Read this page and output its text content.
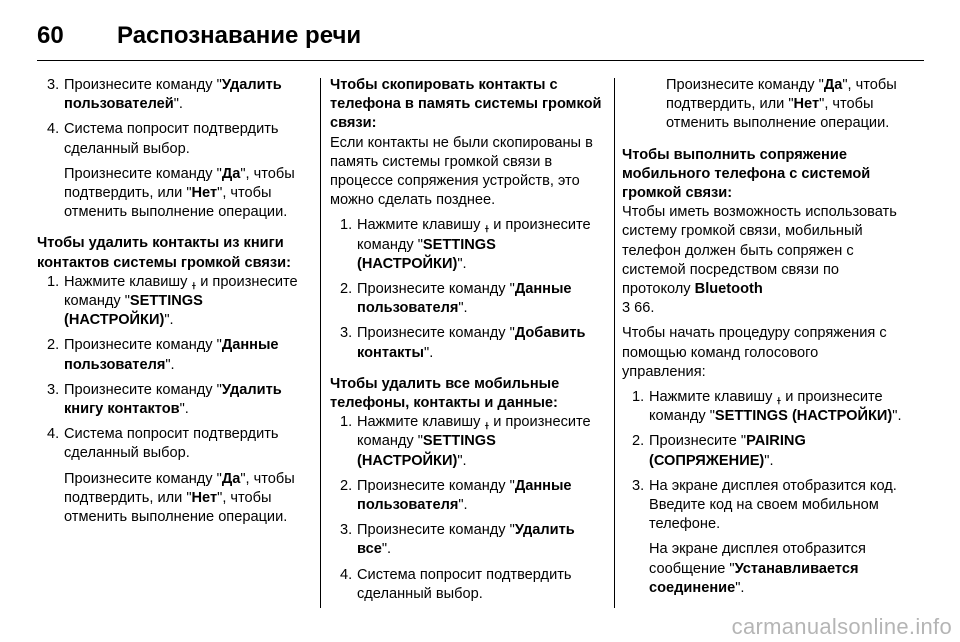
60	Распознавание речи
3. Произнесите команду "Удалить пользователей".

4. Система попросит подтвердить сделанный выбор.

Произнесите команду "Да", чтобы подтвердить, или "Нет", чтобы отменить выполнение операции.

Чтобы удалить контакты из книги контактов системы громкой связи:
1. Нажмите клавишу ߪ и произнесите команду "SETTINGS (НАСТРОЙКИ)".

2. Произнесите команду "Данные пользователя".

3. Произнесите команду "Удалить книгу контактов".

4. Система попросит подтвердить сделанный выбор.

Произнесите команду "Да", чтобы подтвердить, или "Нет", чтобы отменить выполнение операции.

Чтобы скопировать контакты с телефона в память системы громкой связи:
Если контакты не были скопированы в память системы громкой связи в процессе сопряжения устройств, это можно сделать позднее.
1. Нажмите клавишу ߪ и произнесите команду "SETTINGS (НАСТРОЙКИ)".

2. Произнесите команду "Данные пользователя".

3. Произнесите команду "Добавить контакты".

Чтобы удалить все мобильные телефоны, контакты и данные:
1. Нажмите клавишу ߪ и произнесите команду "SETTINGS (НАСТРОЙКИ)".

2. Произнесите команду "Данные пользователя".

3. Произнесите команду "Удалить все".

4. Система попросит подтвердить сделанный выбор.

Произнесите команду "Да", чтобы подтвердить, или "Нет", чтобы отменить выполнение операции.
Чтобы выполнить сопряжение мобильного телефона с системой громкой связи:
Чтобы иметь возможность использовать систему громкой связи, мобильный телефон должен быть сопряжен с системой посредством связи по протоколу Bluetooth
3 66.
Чтобы начать процедуру сопряжения с помощью команд голосового управления:
1. Нажмите клавишу ߪ и произнесите команду "SETTINGS (НАСТРОЙКИ)".

2. Произнесите "PAIRING (СОПРЯЖЕНИЕ)".

3. На экране дисплея отобразится код. Введите код на своем мобильном телефоне.

На экране дисплея отобразится сообщение "Устанавливается соединение".

carmanualsonline.info
